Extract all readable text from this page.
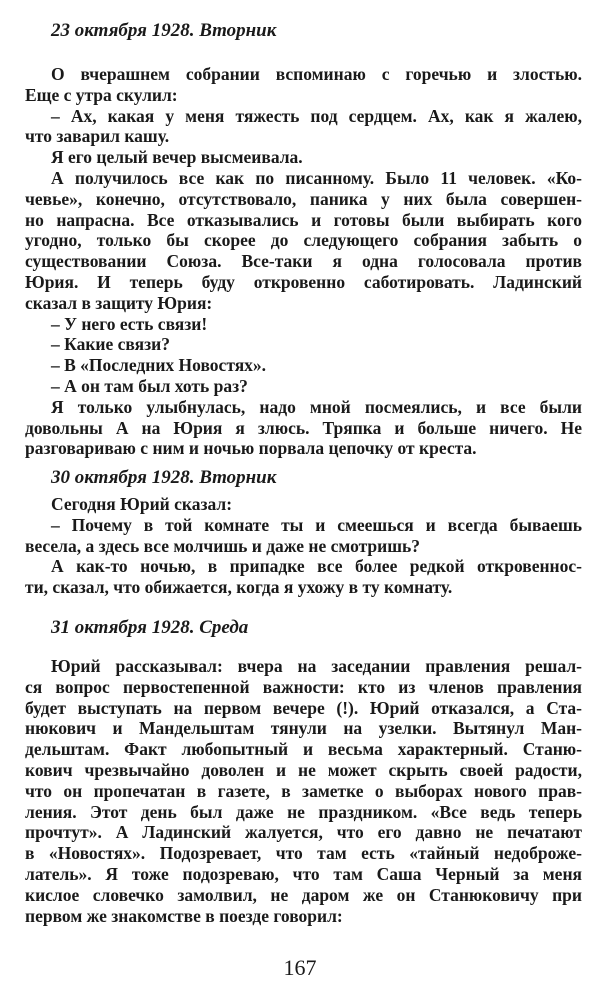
23 октября 1928. Вторник
О вчерашнем собрании вспоминаю с горечью и злостью.
Еще с утра скулил:
– Ах, какая у меня тяжесть под сердцем. Ах, как я жалею,
что заварил кашу.
Я его целый вечер высмеивала.
А получилось все как по писанному. Было 11 человек. «Ко-
чевье», конечно, отсутствовало, паника у них была совершен-
но напрасна. Все отказывались и готовы были выбирать кого
угодно, только бы скорее до следующего собрания забыть о
существовании Союза. Все-таки я одна голосовала против
Юрия. И теперь буду откровенно саботировать. Ладинский
сказал в защиту Юрия:
– У него есть связи!
– Какие связи?
– В «Последних Новостях».
– А он там был хоть раз?
Я только улыбнулась, надо мной посмеялись, и все были
довольны А на Юрия я злюсь. Тряпка и больше ничего. Не
разговариваю с ним и ночью порвала цепочку от креста.
30 октября 1928. Вторник
Сегодня Юрий сказал:
– Почему в той комнате ты и смеешься и всегда бываешь
весела, а здесь все молчишь и даже не смотришь?
А как-то ночью, в припадке все более редкой откровеннос-
ти, сказал, что обижается, когда я ухожу в ту комнату.
31 октября 1928. Среда
Юрий рассказывал: вчера на заседании правления решал-
ся вопрос первостепенной важности: кто из членов правления
будет выступать на первом вечере (!). Юрий отказался, а Ста-
нюкович и Мандельштам тянули на узелки. Вытянул Ман-
дельштам. Факт любопытный и весьма характерный. Станю-
кович чрезвычайно доволен и не может скрыть своей радости,
что он пропечатан в газете, в заметке о выборах нового прав-
ления. Этот день был даже не праздником. «Все ведь теперь
прочтут». А Ладинский жалуется, что его давно не печатают
в «Новостях». Подозревает, что там есть «тайный недоброже-
латель». Я тоже подозреваю, что там Саша Черный за меня
кислое словечко замолвил, не даром же он Станюковичу при
первом же знакомстве в поезде говорил:
167
